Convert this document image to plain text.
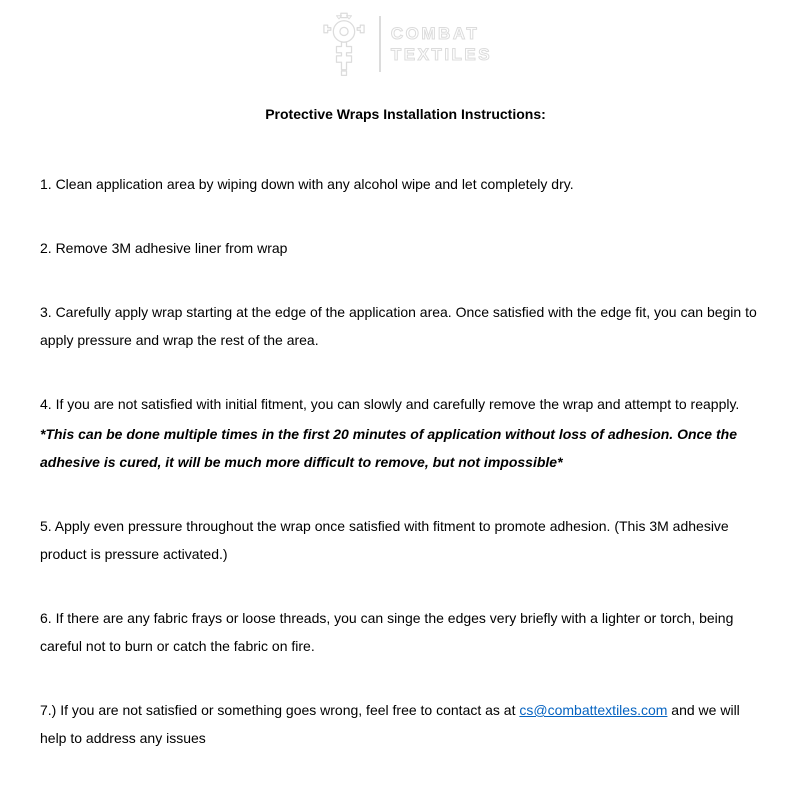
COMBAT
TEXTILES
Protective Wraps Installation Instructions:

1. Clean application area by wiping down with any alcohol wipe and let completely dry.

2. Remove 3M adhesive liner from wrap

3. Carefully apply wrap starting at the edge of the application area. Once satisfied with the edge fit, you can begin to apply pressure and wrap the rest of the area.

4. If you are not satisfied with initial fitment, you can slowly and carefully remove the wrap and attempt to reapply.

*This can be done multiple times in the first 20 minutes of application without loss of adhesion. Once the adhesive is cured, it will be much more difficult to remove, but not impossible*

5. Apply even pressure throughout the wrap once satisfied with fitment to promote adhesion. (This 3M adhesive product is pressure activated.)

6. If there are any fabric frays or loose threads, you can singe the edges very briefly with a lighter or torch, being careful not to burn or catch the fabric on fire.

7.) If you are not satisfied or something goes wrong, feel free to contact as at cs@combattextiles.com and we will help to address any issues
